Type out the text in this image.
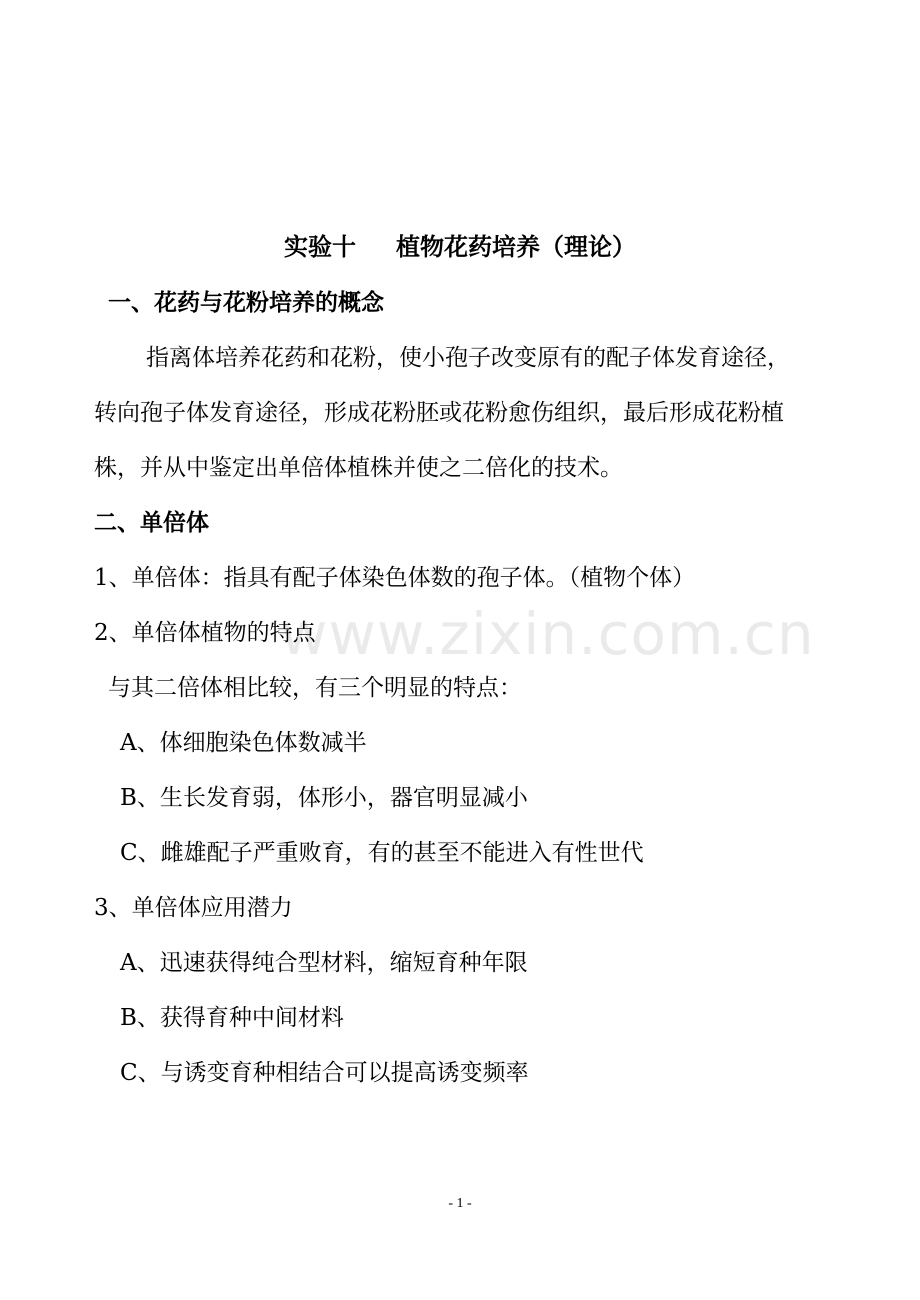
www.zixin.com.cn
实验十 植物花药培养（理论）
一、花药与花粉培养的概念
指离体培养花药和花粉，使小孢子改变原有的配子体发育途径，
转向孢子体发育途径，形成花粉胚或花粉愈伤组织，最后形成花粉植
株，并从中鉴定出单倍体植株并使之二倍化的技术。
二、单倍体
1、单倍体：指具有配子体染色体数的孢子体。（植物个体）
2、单倍体植物的特点
与其二倍体相比较，有三个明显的特点：
A、体细胞染色体数减半
B、生长发育弱，体形小，器官明显减小
C、雌雄配子严重败育，有的甚至不能进入有性世代
3、单倍体应用潜力
A、迅速获得纯合型材料，缩短育种年限
B、获得育种中间材料
C、与诱变育种相结合可以提高诱变频率
- 1 -
